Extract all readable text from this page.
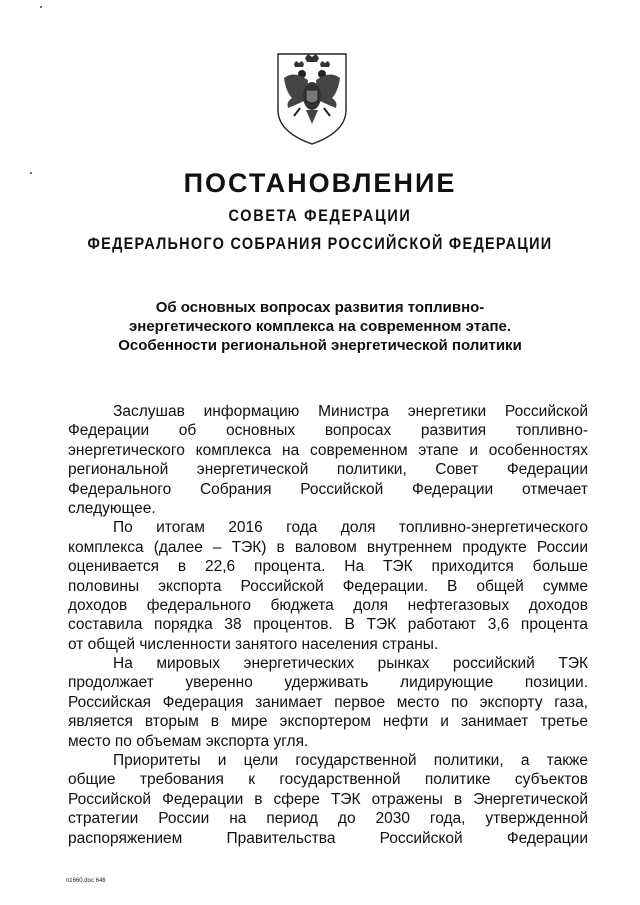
ПОСТАНОВЛЕНИЕ
СОВЕТА ФЕДЕРАЦИИ
ФЕДЕРАЛЬНОГО СОБРАНИЯ РОССИЙСКОЙ ФЕДЕРАЦИИ
Об основных вопросах развития топливно-
энергетического комплекса на современном этапе.
Особенности региональной энергетической политики
Заслушав информацию Министра энергетики Российской
Федерации об основных вопросах развития топливно-
энергетического комплекса на современном этапе и особенностях
региональной энергетической политики, Совет Федерации
Федерального Собрания Российской Федерации отмечает
следующее.
По итогам 2016 года доля топливно-энергетического
комплекса (далее – ТЭК) в валовом внутреннем продукте России
оценивается в 22,6 процента. На ТЭК приходится больше
половины экспорта Российской Федерации. В общей сумме
доходов федерального бюджета доля нефтегазовых доходов
составила порядка 38 процентов. В ТЭК работают 3,6 процента
от общей численности занятого населения страны.
На мировых энергетических рынках российский ТЭК
продолжает уверенно удерживать лидирующие позиции.
Российская Федерация занимает первое место по экспорту газа,
является вторым в мире экспортером нефти и занимает третье
место по объемам экспорта угля.
Приоритеты и цели государственной политики, а также
общие требования к государственной политике субъектов
Российской Федерации в сфере ТЭК отражены в Энергетической
стратегии России на период до 2030 года, утвержденной
распоряжением Правительства Российской Федерации
п1660.doc 646
